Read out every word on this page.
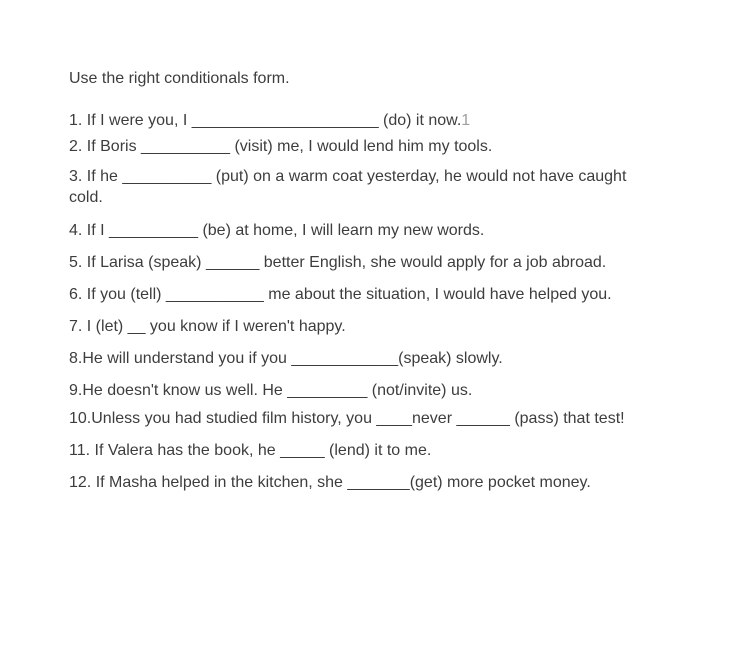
Use the right conditionals form.

1. If I were you, I _____________________ (do) it now.1

2. If Boris __________ (visit) me, I would lend him my tools.

3. If he __________ (put) on a warm coat yesterday, he would not have caught
cold.

4. If I __________ (be) at home, I will learn my new words.

5. If Larisa (speak) ______ better English, she would apply for a job abroad.

6. If you (tell) ___________ me about the situation, I would have helped you.

7. I (let) __ you know if I weren't happy.

8.He will understand you if you ____________(speak) slowly.

9.He doesn't know us well. He _________ (not/invite) us.

10.Unless you had studied film history, you ____never ______ (pass) that test!

11. If Valera has the book, he _____ (lend) it to me.

12. If Masha helped in the kitchen, she _______(get) more pocket money.
